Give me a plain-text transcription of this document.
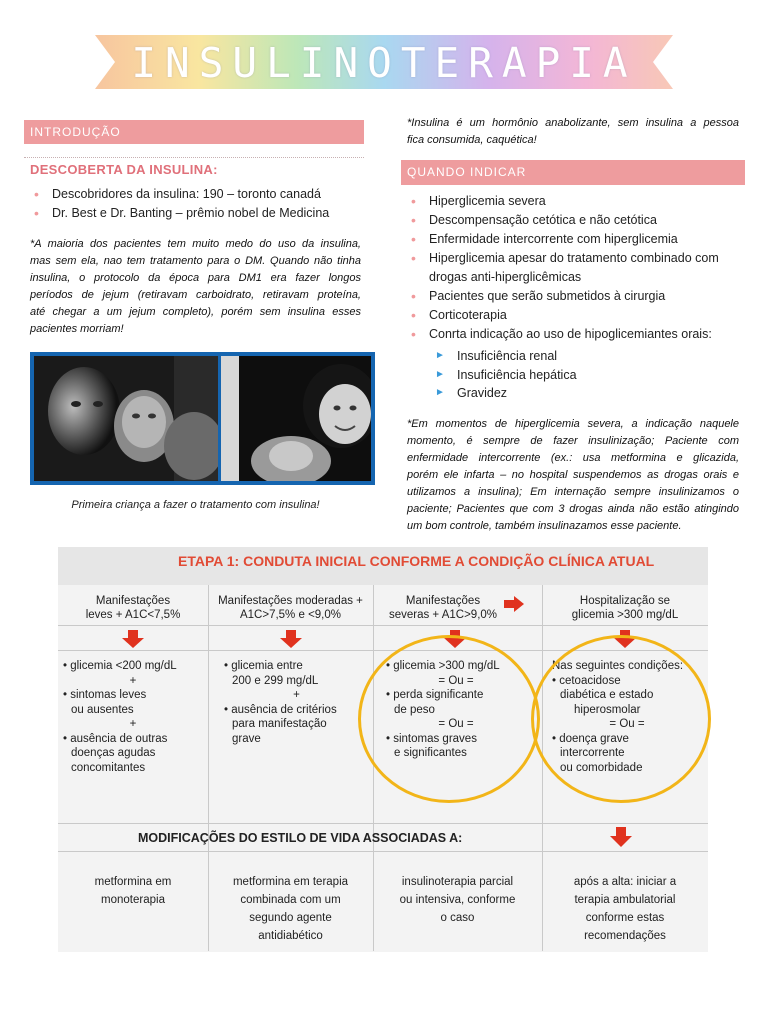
INSULINOTERAPIA
INTRODUÇÃO
DESCOBERTA DA INSULINA:
• Descobridores da insulina: 190 – toronto canadá
• Dr. Best e Dr. Banting – prêmio nobel de Medicina
*A maioria dos pacientes tem muito medo do uso da insulina,
mas sem ela, nao tem tratamento para o DM. Quando não tinha
insulina, o protocolo da época para DM1 era fazer longos
períodos de jejum (retiravam carboidrato, retiravam proteína,
até chegar a um jejum completo), porém sem insulina esses
pacientes morriam!
Primeira criança a fazer o tratamento com insulina!
*Insulina é um hormônio anabolizante, sem insulina a pessoa
fica consumida, caquética!
QUANDO INDICAR
• Hiperglicemia severa
• Descompensação cetótica e não cetótica
• Enfermidade intercorrente com hiperglicemia
• Hiperglicemia apesar do tratamento combinado com drogas anti-hiperglicêmicas
• Pacientes que serão submetidos à cirurgia
• Corticoterapia
• Conrta indicação ao uso de hipoglicemiantes orais:
► Insuficiência renal
► Insuficiência hepática
► Gravidez
*Em momentos de hiperglicemia severa, a indicação naquele
momento, é sempre de fazer insulinização; Paciente com
enfermidade intercorrente (ex.: usa metformina e glicazida,
porém ele infarta – no hospital suspendemos as drogas orais e
utilizamos a insulina); Em internação sempre insulinizamos o
paciente; Pacientes que com 3 drogas ainda não estão atingindo
um bom controle, também insulinazamos esse paciente.
ETAPA 1: CONDUTA INICIAL CONFORME A CONDIÇÃO CLÍNICA ATUAL
Manifestações
leves + A1C<7,5%
Manifestações moderadas +
A1C>7,5% e <9,0%
Manifestações
severas + A1C>9,0%
Hospitalização se
glicemia >300 mg/dL
• glicemia <200 mg/dL
+
• sintomas leves
ou ausentes
+
• ausência de outras
doenças agudas
concomitantes
• glicemia entre
200 e 299 mg/dL
+
• ausência de critérios
para manifestação
grave
• glicemia >300 mg/dL
= Ou =
• perda significante
de peso
= Ou =
• sintomas graves
e significantes
Nas seguintes condições:
• cetoacidose
diabética e estado
hiperosmolar
= Ou =
• doença grave
intercorrente
ou comorbidade
MODIFICAÇÕES DO ESTILO DE VIDA ASSOCIADAS A:
metformina em
monoterapia
metformina em terapia
combinada com um
segundo agente
antidiabético
insulinoterapia parcial
ou intensiva, conforme
o caso
após a alta: iniciar a
terapia ambulatorial
conforme estas
recomendações
